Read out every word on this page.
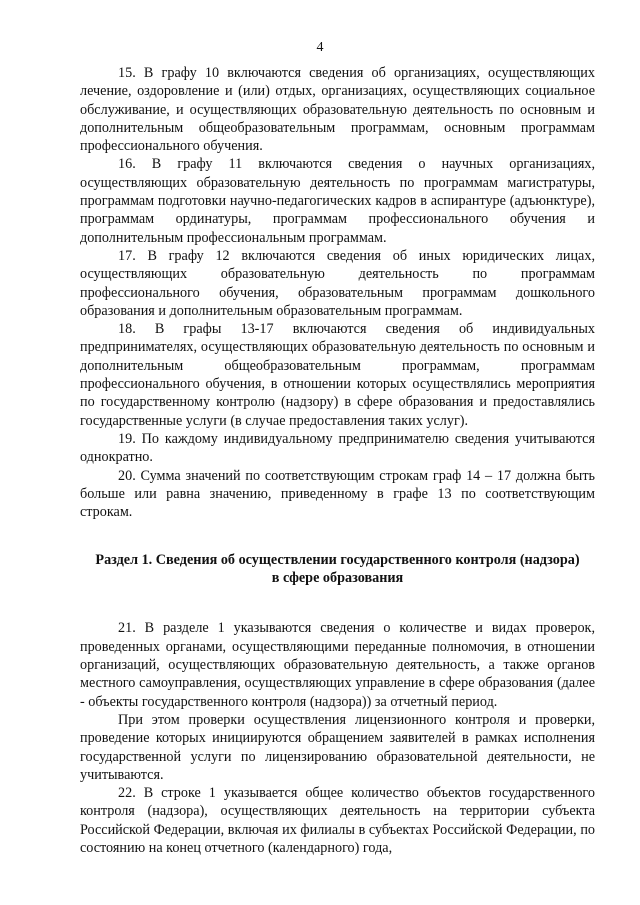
4

15. В графу 10 включаются сведения об организациях, осуществляющих лечение, оздоровление и (или) отдых, организациях, осуществляющих социальное обслуживание, и осуществляющих образовательную деятельность по основным и дополнительным общеобразовательным программам, основным программам профессионального обучения.

16. В графу 11 включаются сведения о научных организациях, осуществляющих образовательную деятельность по программам магистратуры, программам подготовки научно-педагогических кадров в аспирантуре (адъюнктуре), программам ординатуры, программам профессионального обучения и дополнительным профессиональным программам.

17. В графу 12 включаются сведения об иных юридических лицах, осуществляющих образовательную деятельность по программам профессионального обучения, образовательным программам дошкольного образования и дополнительным образовательным программам.

18. В графы 13-17 включаются сведения об индивидуальных предпринимателях, осуществляющих образовательную деятельность по основным и дополнительным общеобразовательным программам, программам профессионального обучения, в отношении которых осуществлялись мероприятия по государственному контролю (надзору) в сфере образования и предоставлялись государственные услуги (в случае предоставления таких услуг).

19. По каждому индивидуальному предпринимателю сведения учитываются однократно.

20. Сумма значений по соответствующим строкам граф 14 – 17 должна быть больше или равна значению, приведенному в графе 13 по соответствующим строкам.

Раздел 1. Сведения об осуществлении государственного контроля (надзора)
в сфере образования

21. В разделе 1 указываются сведения о количестве и видах проверок, проведенных органами, осуществляющими переданные полномочия, в отношении организаций, осуществляющих образовательную деятельность, а также органов местного самоуправления, осуществляющих управление в сфере образования (далее - объекты государственного контроля (надзора)) за отчетный период.

При этом проверки осуществления лицензионного контроля и проверки, проведение которых инициируются обращением заявителей в рамках исполнения государственной услуги по лицензированию образовательной деятельности, не учитываются.

22. В строке 1 указывается общее количество объектов государственного контроля (надзора), осуществляющих деятельность на территории субъекта Российской Федерации, включая их филиалы в субъектах Российской Федерации, по состоянию на конец отчетного (календарного) года,
